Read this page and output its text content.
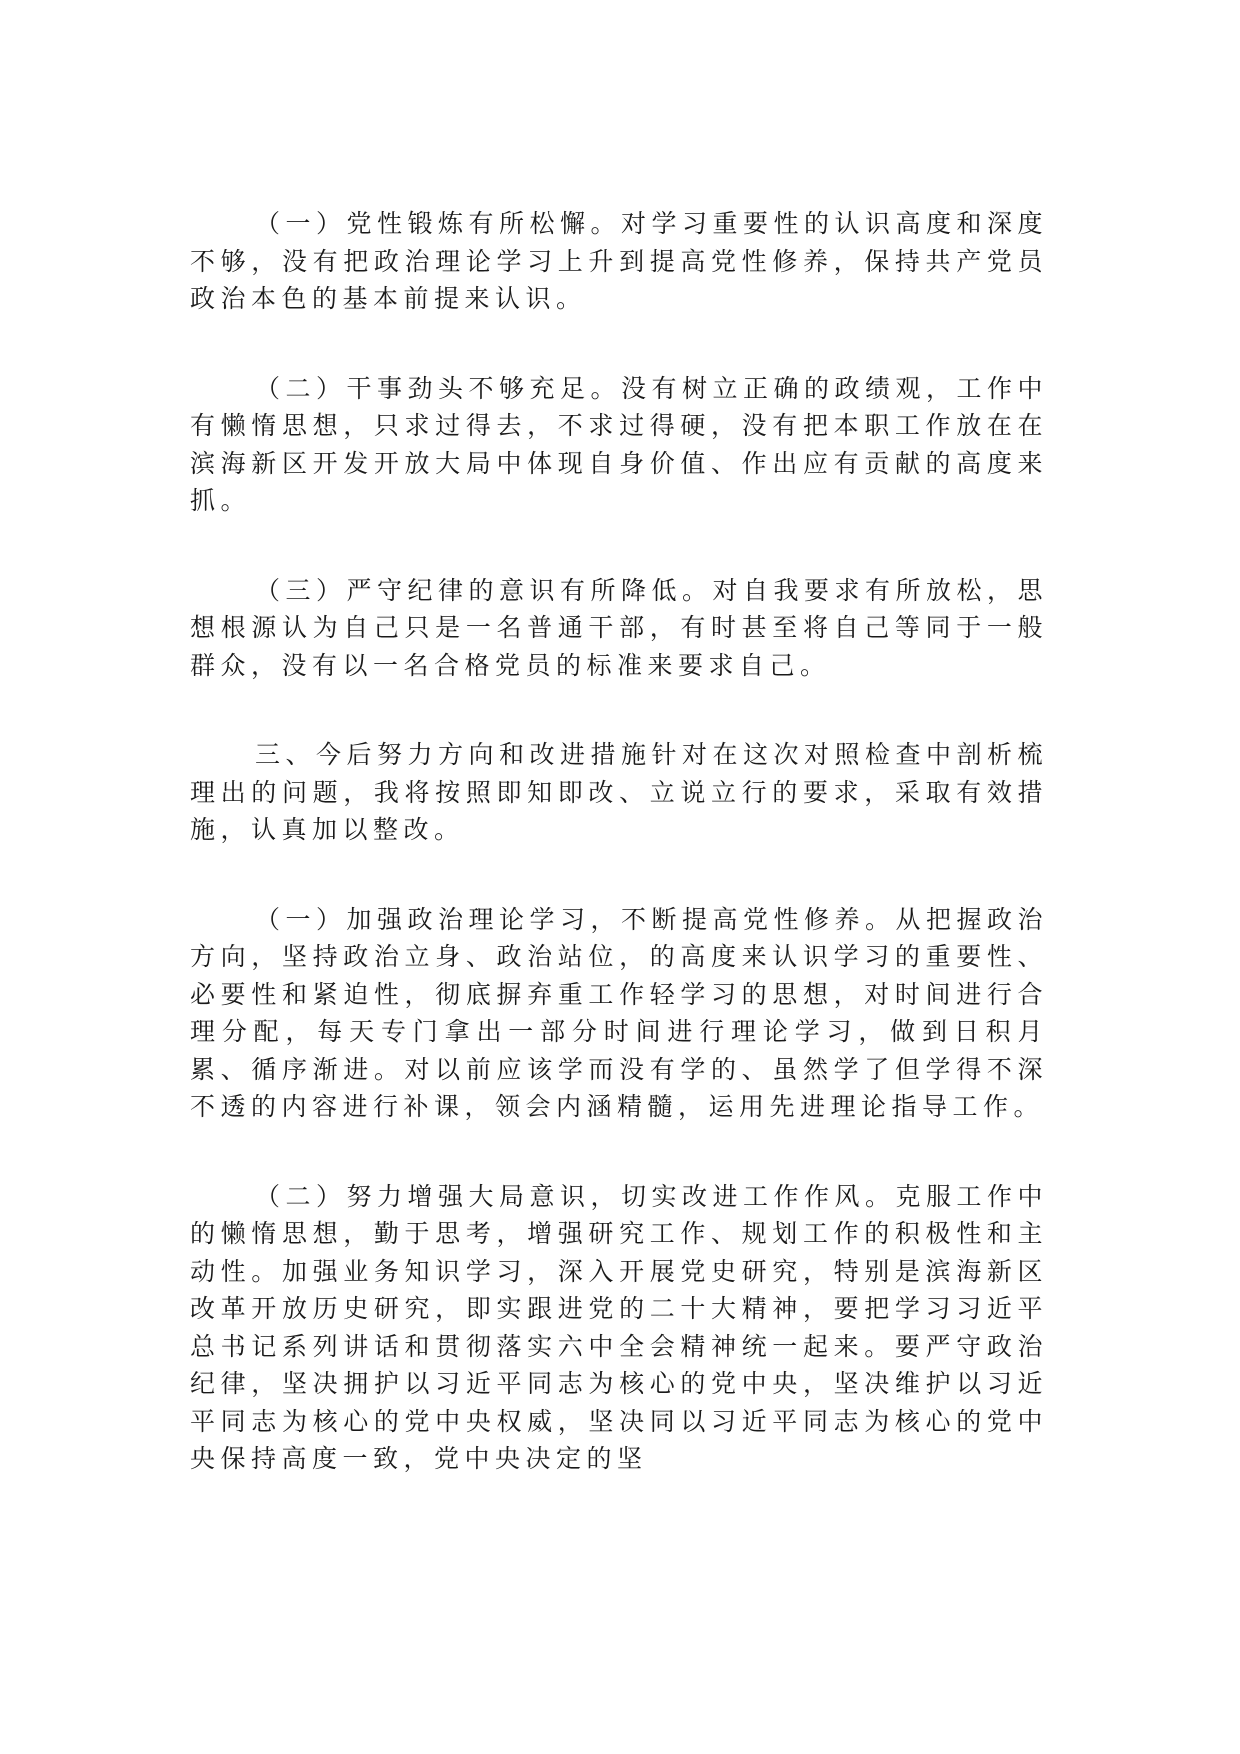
（一）党性锻炼有所松懈。对学习重要性的认识高度和深度不够，没有把政治理论学习上升到提高党性修养，保持共产党员政治本色的基本前提来认识。

（二）干事劲头不够充足。没有树立正确的政绩观，工作中有懒惰思想，只求过得去，不求过得硬，没有把本职工作放在在滨海新区开发开放大局中体现自身价值、作出应有贡献的高度来抓。

（三）严守纪律的意识有所降低。对自我要求有所放松，思想根源认为自己只是一名普通干部，有时甚至将自己等同于一般群众，没有以一名合格党员的标准来要求自己。

三、今后努力方向和改进措施针对在这次对照检查中剖析梳理出的问题，我将按照即知即改、立说立行的要求，采取有效措施，认真加以整改。

（一）加强政治理论学习，不断提高党性修养。从把握政治方向，坚持政治立身、政治站位，的高度来认识学习的重要性、必要性和紧迫性，彻底摒弃重工作轻学习的思想，对时间进行合理分配，每天专门拿出一部分时间进行理论学习，做到日积月累、循序渐进。对以前应该学而没有学的、虽然学了但学得不深不透的内容进行补课，领会内涵精髓，运用先进理论指导工作。

（二）努力增强大局意识，切实改进工作作风。克服工作中的懒惰思想，勤于思考，增强研究工作、规划工作的积极性和主动性。加强业务知识学习，深入开展党史研究，特别是滨海新区改革开放历史研究，即实跟进党的二十大精神，要把学习习近平总书记系列讲话和贯彻落实六中全会精神统一起来。要严守政治纪律，坚决拥护以习近平同志为核心的党中央，坚决维护以习近平同志为核心的党中央权威，坚决同以习近平同志为核心的党中央保持高度一致，党中央决定的坚
